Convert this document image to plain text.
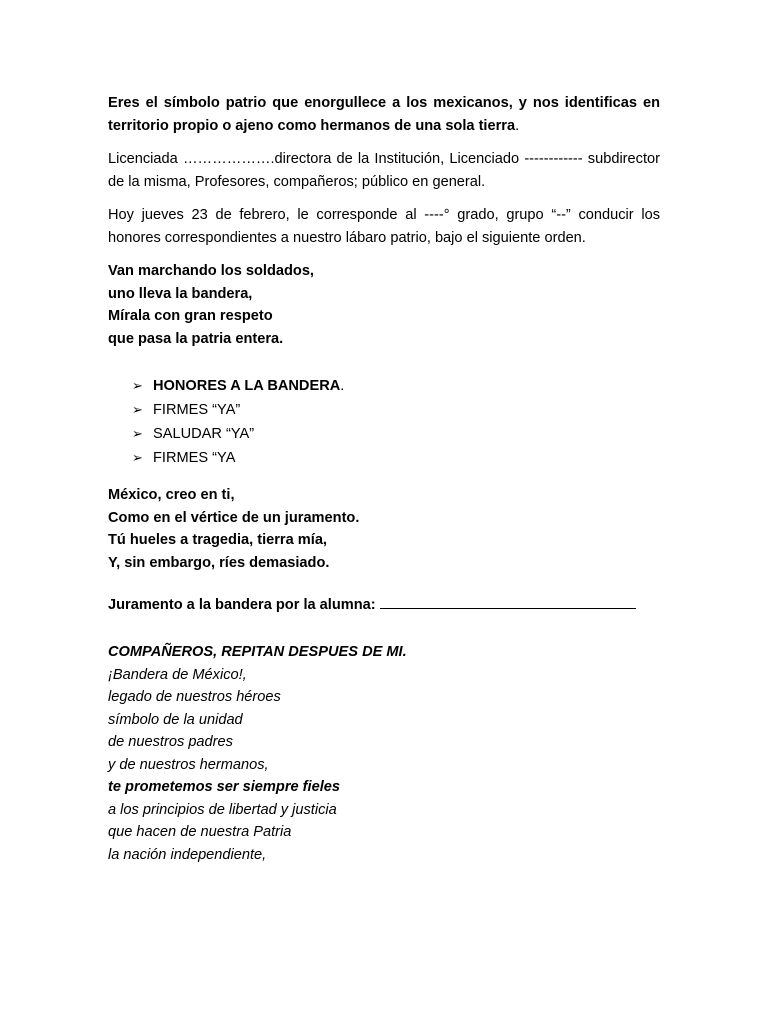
Eres el símbolo patrio que enorgullece a los mexicanos, y nos identificas en territorio propio o ajeno como hermanos de una sola tierra.

Licenciada ……………….directora de la Institución, Licenciado ------------ subdirector de la misma, Profesores, compañeros; público en general.

Hoy jueves 23 de febrero, le corresponde al ----° grado, grupo “--” conducir los honores correspondientes a nuestro lábaro patrio, bajo el siguiente orden.

Van marchando los soldados,

uno lleva la bandera,

Mírala con gran respeto

que pasa la patria entera.

➢ HONORES A LA BANDERA.
➢ FIRMES “YA”
➢ SALUDAR “YA”
➢ FIRMES “YA

México, creo en ti,

Como en el vértice de un juramento.

Tú hueles a tragedia, tierra mía,

Y, sin embargo, ríes demasiado.

Juramento a la bandera por la alumna:

COMPAÑEROS, REPITAN DESPUES DE MI.

¡Bandera de México!,

legado de nuestros héroes

símbolo de la unidad

de nuestros padres

y de nuestros hermanos,

te prometemos ser siempre fieles

a los principios de libertad y justicia

que hacen de nuestra Patria

la nación independiente,
